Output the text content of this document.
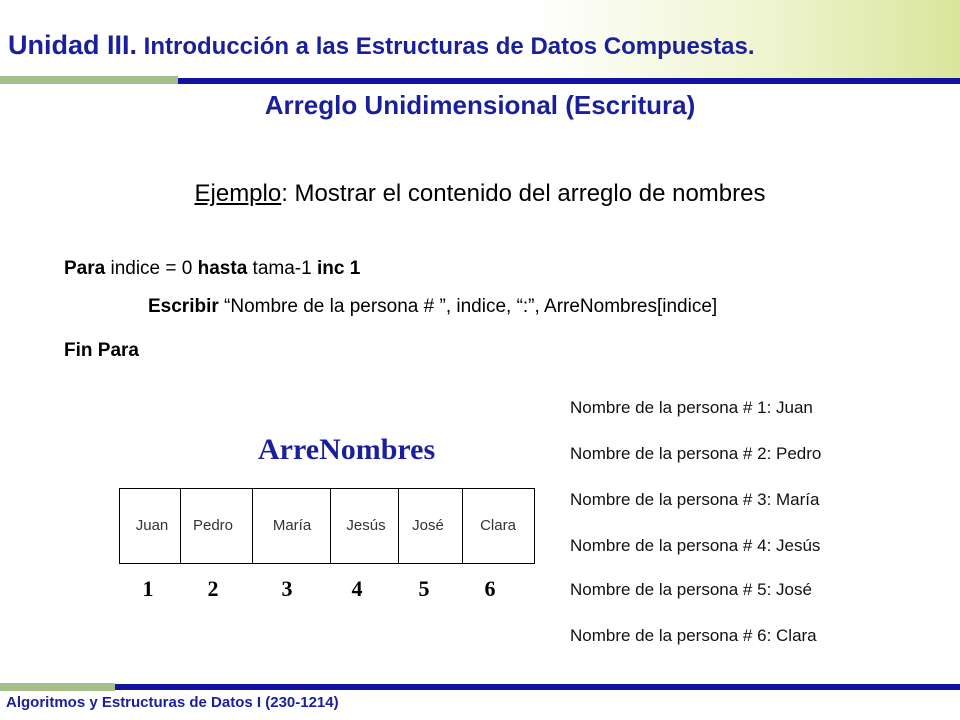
Unidad III. Introducción a las Estructuras de Datos Compuestas.
Arreglo Unidimensional (Escritura)
Ejemplo: Mostrar el contenido del arreglo de nombres
Para indice = 0 hasta tama-1 inc 1
Escribir “Nombre de la persona # ”, indice, “:”, ArreNombres[indice]
Fin Para
ArreNombres
Juan	Pedro	María	Jesús	José	Clara
1	2	3	4	5	6
Nombre de la persona # 1: Juan
Nombre de la persona # 2: Pedro
Nombre de la persona # 3: María
Nombre de la persona # 4: Jesús
Nombre de la persona # 5: José
Nombre de la persona # 6: Clara
Algoritmos y Estructuras de Datos I (230-1214)
